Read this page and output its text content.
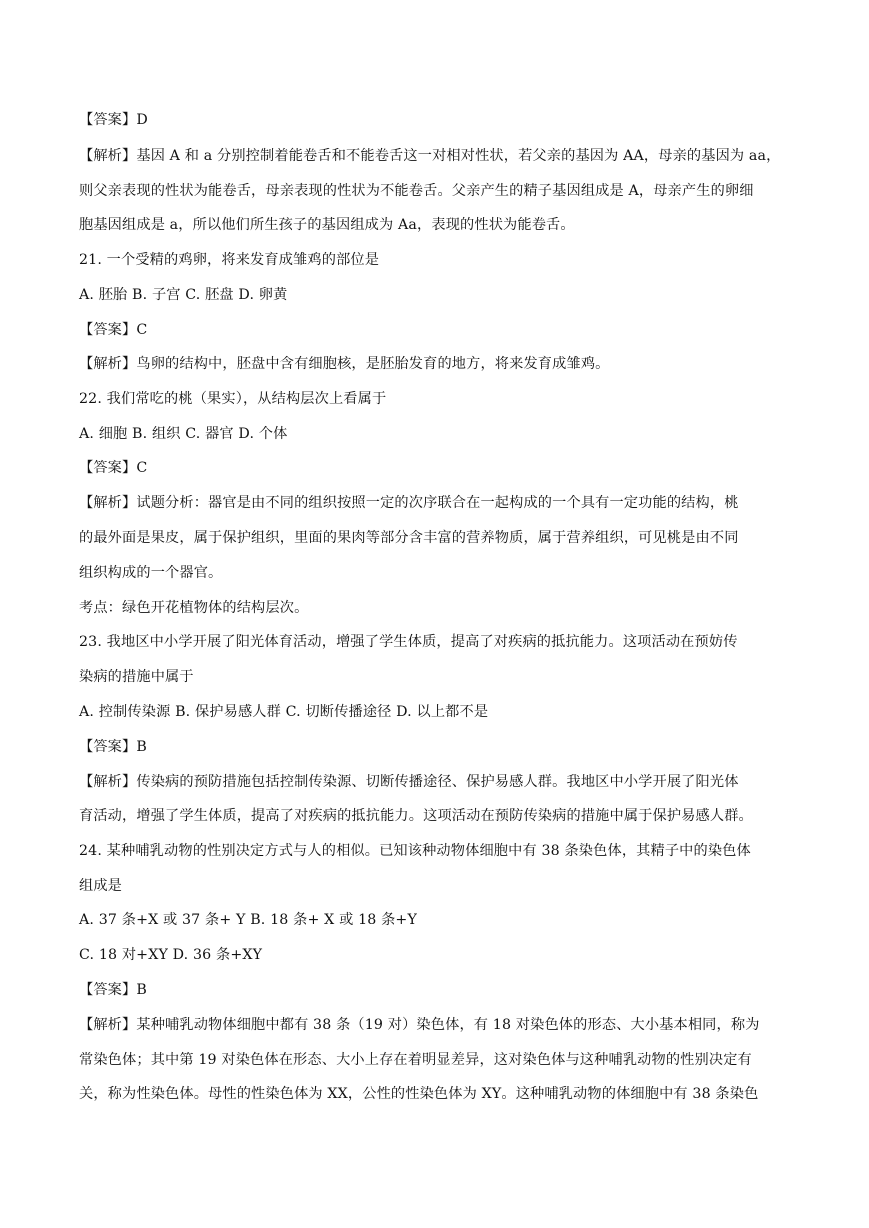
【答案】D
【解析】基因 A 和 a 分别控制着能卷舌和不能卷舌这一对相对性状，若父亲的基因为 AA，母亲的基因为 aa，
则父亲表现的性状为能卷舌，母亲表现的性状为不能卷舌。父亲产生的精子基因组成是 A，母亲产生的卵细
胞基因组成是 a，所以他们所生孩子的基因组成为 Aa，表现的性状为能卷舌。
21. 一个受精的鸡卵，将来发育成雏鸡的部位是
A. 胚胎 B. 子宫 C. 胚盘 D. 卵黄
【答案】C
【解析】鸟卵的结构中，胚盘中含有细胞核，是胚胎发育的地方，将来发育成雏鸡。
22. 我们常吃的桃（果实），从结构层次上看属于
A. 细胞 B. 组织 C. 器官 D. 个体
【答案】C
【解析】试题分析：器官是由不同的组织按照一定的次序联合在一起构成的一个具有一定功能的结构，桃
的最外面是果皮，属于保护组织，里面的果肉等部分含丰富的营养物质，属于营养组织，可见桃是由不同
组织构成的一个器官。
考点：绿色开花植物体的结构层次。
23. 我地区中小学开展了阳光体育活动，增强了学生体质，提高了对疾病的抵抗能力。这项活动在预妨传
染病的措施中属于
A. 控制传染源 B. 保护易感人群 C. 切断传播途径 D. 以上都不是
【答案】B
【解析】传染病的预防措施包括控制传染源、切断传播途径、保护易感人群。我地区中小学开展了阳光体
育活动，增强了学生体质，提高了对疾病的抵抗能力。这项活动在预防传染病的措施中属于保护易感人群。
24. 某种哺乳动物的性别决定方式与人的相似。已知该种动物体细胞中有 38 条染色体，其精子中的染色体
组成是
A. 37 条+X 或 37 条+ Y B. 18 条+ X 或 18 条+Y
C. 18 对+XY D. 36 条+XY
【答案】B
【解析】某种哺乳动物体细胞中都有 38 条（19 对）染色体，有 18 对染色体的形态、大小基本相同，称为
常染色体；其中第 19 对染色体在形态、大小上存在着明显差异，这对染色体与这种哺乳动物的性别决定有
关，称为性染色体。母性的性染色体为 XX，公性的性染色体为 XY。这种哺乳动物的体细胞中有 38 条染色
